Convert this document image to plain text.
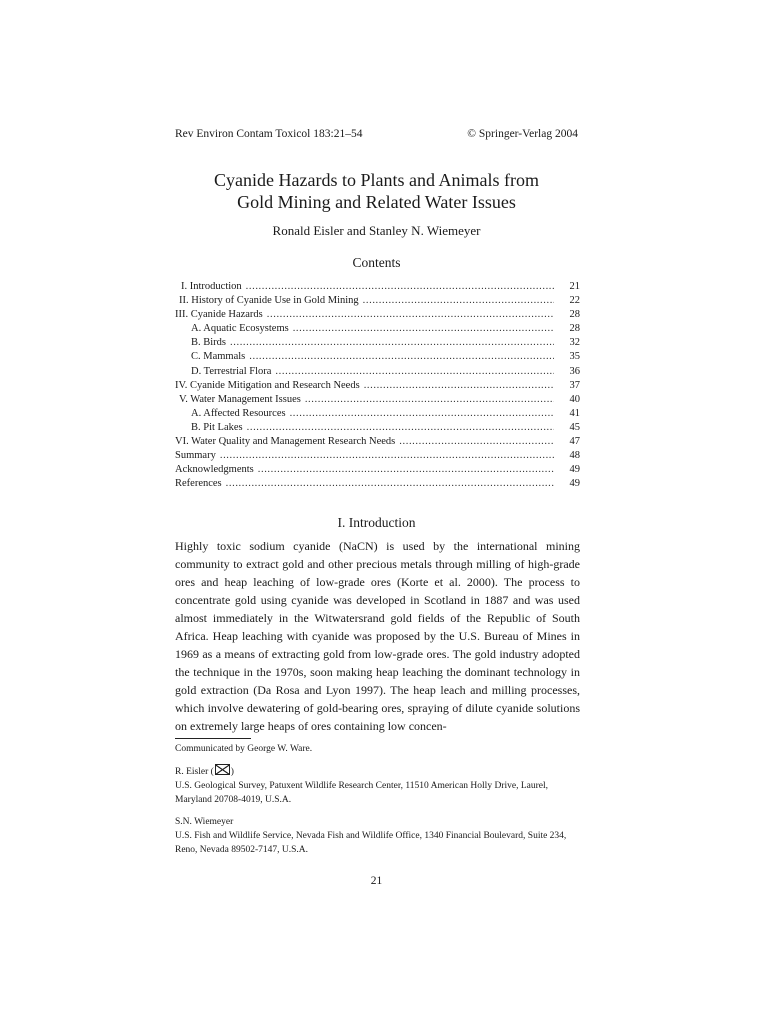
Rev Environ Contam Toxicol 183:21–54	© Springer-Verlag 2004
Cyanide Hazards to Plants and Animals from
Gold Mining and Related Water Issues
Ronald Eisler and Stanley N. Wiemeyer
Contents
I. Introduction .....	21
II. History of Cyanide Use in Gold Mining .....	22
III. Cyanide Hazards .....	28
A. Aquatic Ecosystems .....	28
B. Birds .....	32
C. Mammals .....	35
D. Terrestrial Flora .....	36
IV. Cyanide Mitigation and Research Needs .....	37
V. Water Management Issues .....	40
A. Affected Resources .....	41
B. Pit Lakes .....	45
VI. Water Quality and Management Research Needs .....	47
Summary .....	48
Acknowledgments .....	49
References .....	49
I. Introduction
Highly toxic sodium cyanide (NaCN) is used by the international mining community to extract gold and other precious metals through milling of high-grade ores and heap leaching of low-grade ores (Korte et al. 2000). The process to concentrate gold using cyanide was developed in Scotland in 1887 and was used almost immediately in the Witwatersrand gold fields of the Republic of South Africa. Heap leaching with cyanide was proposed by the U.S. Bureau of Mines in 1969 as a means of extracting gold from low-grade ores. The gold industry adopted the technique in the 1970s, soon making heap leaching the dominant technology in gold extraction (Da Rosa and Lyon 1997). The heap leach and milling processes, which involve dewatering of gold-bearing ores, spraying of dilute cyanide solutions on extremely large heaps of ores containing low concen-

Communicated by George W. Ware.

R. Eisler ( )

U.S. Geological Survey, Patuxent Wildlife Research Center, 11510 American Holly Drive, Laurel, Maryland 20708-4019, U.S.A.

S.N. Wiemeyer

U.S. Fish and Wildlife Service, Nevada Fish and Wildlife Office, 1340 Financial Boulevard, Suite 234, Reno, Nevada 89502-7147, U.S.A.

21
